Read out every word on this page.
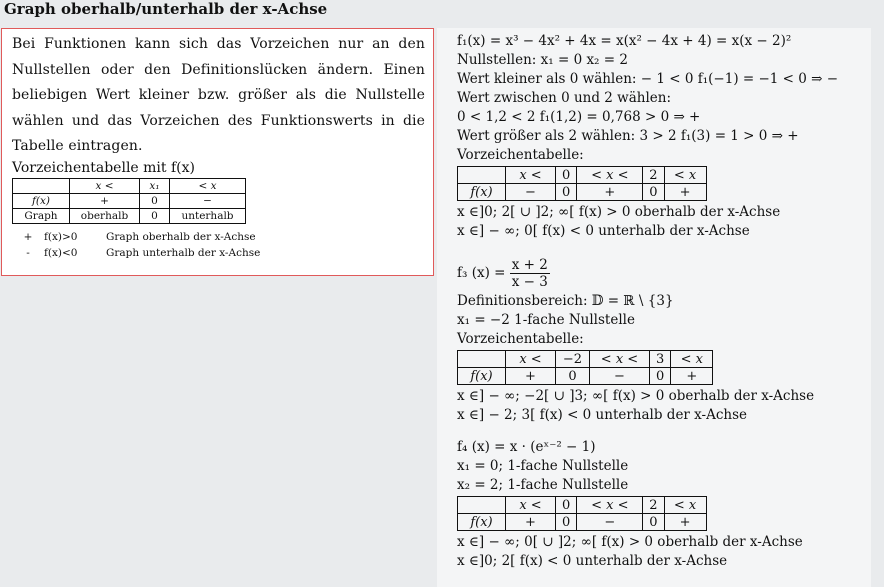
Graph oberhalb/unterhalb der x-Achse
Bei Funktionen kann sich das Vorzeichen nur an den Nullstellen oder den Definitionslücken ändern. Einen beliebigen Wert kleiner bzw. größer als die Nullstelle wählen und das Vorzeichen des Funktionswerts in die Tabelle eintragen.
Vorzeichentabelle mit f(x)
	x <	x₁	< x
f(x)	+	0	−
Graph	oberhalb	0	unterhalb
+	f(x)>0	Graph oberhalb der x-Achse
-	f(x)<0	Graph unterhalb der x-Achse
f₁(x) = x³ − 4x² + 4x = x(x² − 4x + 4) = x(x − 2)²
Nullstellen: x₁ = 0 x₂ = 2
Wert kleiner als 0 wählen: − 1 < 0 f₁(−1) = −1 < 0 ⇒ −
Wert zwischen 0 und 2 wählen:
0 < 1,2 < 2 f₁(1,2) = 0,768 > 0 ⇒ +
Wert größer als 2 wählen: 3 > 2 f₁(3) = 1 > 0 ⇒ +
Vorzeichentabelle:
	x <	0	< x <	2	< x
f(x)	−	0	+	0	+
x ∈]0; 2[ ∪ ]2; ∞[ f(x) > 0 oberhalb der x-Achse
x ∈] − ∞; 0[ f(x) < 0 unterhalb der x-Achse
f₃ (x) =
$\frac{x + 2}{x - 3}$
Definitionsbereich: 𝔻 = ℝ \ {3}
x₁ = −2 1-fache Nullstelle
Vorzeichentabelle:
	x <	−2	< x <	3	< x
f(x)	+	0	−	0	+
x ∈] − ∞; −2[ ∪ ]3; ∞[ f(x) > 0 oberhalb der x-Achse
x ∈] − 2; 3[ f(x) < 0 unterhalb der x-Achse
f₄ (x) = x · (eˣ⁻² − 1)
x₁ = 0; 1-fache Nullstelle
x₂ = 2; 1-fache Nullstelle
	x <	0	< x <	2	< x
f(x)	+	0	−	0	+
x ∈] − ∞; 0[ ∪ ]2; ∞[ f(x) > 0 oberhalb der x-Achse
x ∈]0; 2[ f(x) < 0 unterhalb der x-Achse
